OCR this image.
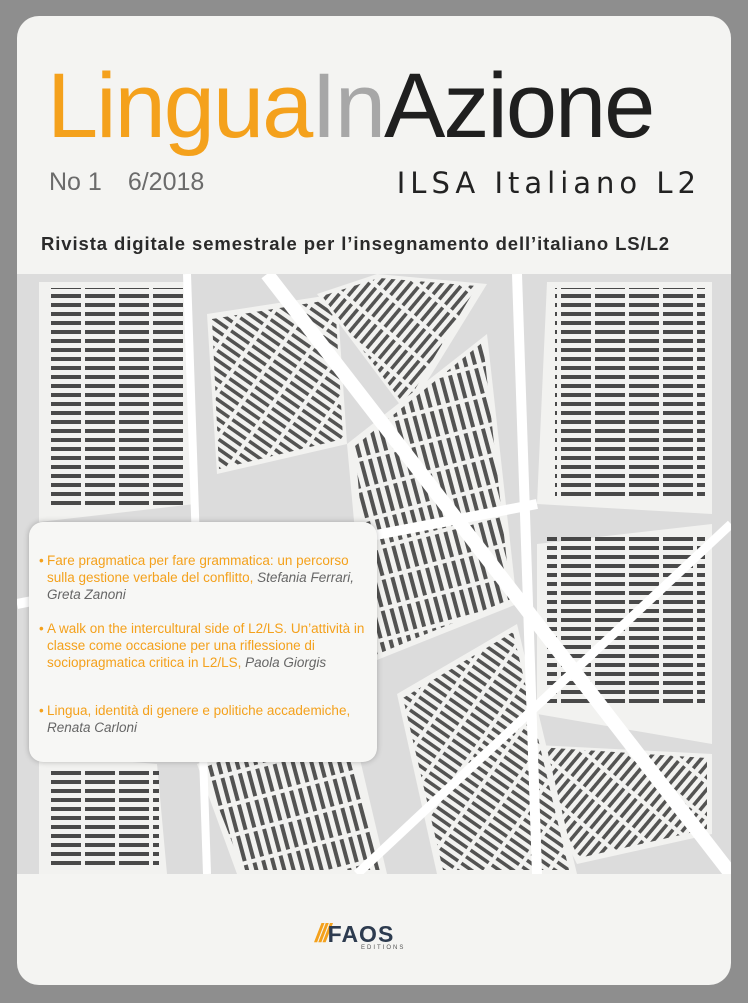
LinguaInAzione
No 1 6/2018	ILSA Italiano L2
Rivista digitale semestrale per l’insegnamento dell’italiano LS/L2
• Fare pragmatica per fare grammatica: un percorso sulla gestione verbale del conflitto, Stefania Ferrari, Greta Zanoni
• A walk on the intercultural side of L2/LS. Un’attività in classe come occasione per una riflessione di sociopragmatica critica in L2/LS, Paola Giorgis
• Lingua, identità di genere e politiche accademiche, Renata Carloni
///FAOS
EDITIONS
